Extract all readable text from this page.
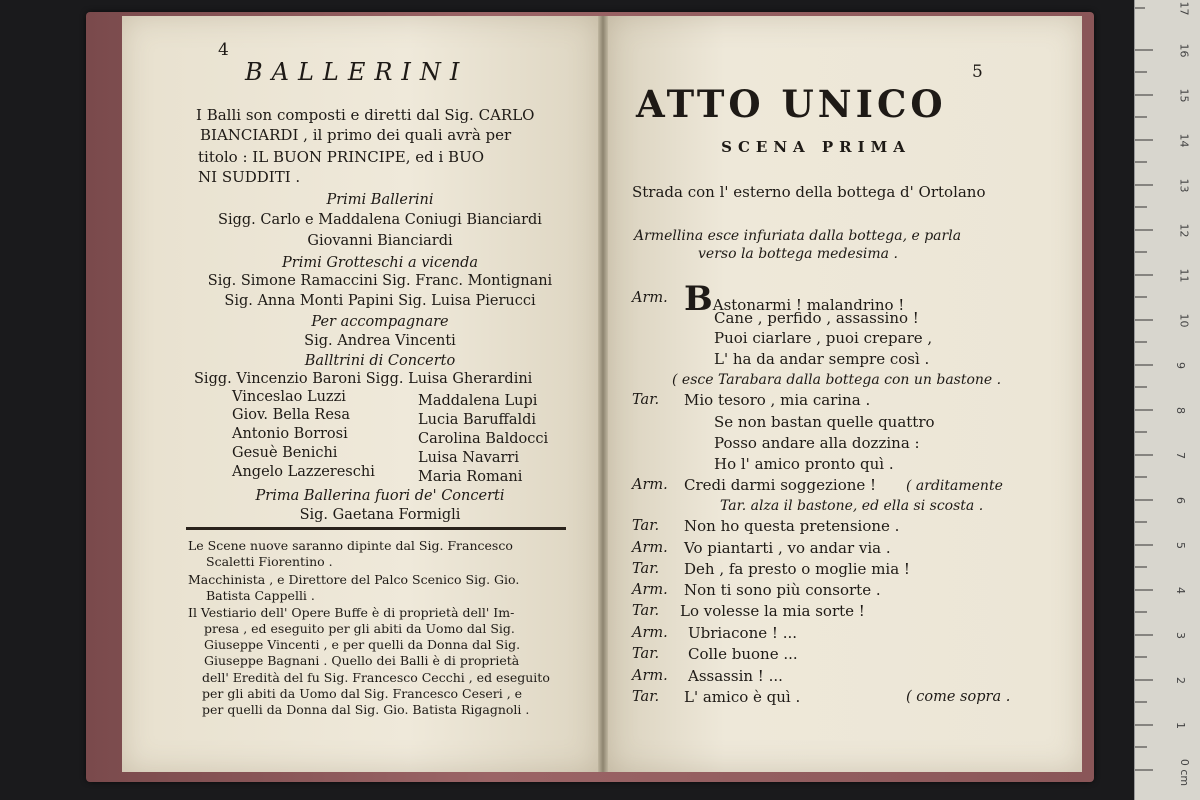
4
BALLERINI
I Balli son composti e diretti dal Sig. CARLO
BIANCIARDI , il primo dei quali avrà per
titolo : IL BUON PRINCIPE, ed i BUO
NI SUDDITI .
Primi Ballerini
Sigg. Carlo e Maddalena Coniugi Bianciardi
Giovanni Bianciardi
Primi Grotteschi a vicenda
Sig. Simone Ramaccini Sig. Franc. Montignani
Sig. Anna Monti Papini Sig. Luisa Pierucci
Per accompagnare
Sig. Andrea Vincenti
Balltrini di Concerto
Sigg. Vincenzio Baroni Sigg. Luisa Gherardini
Vinceslao Luzzi
Giov. Bella Resa
Antonio Borrosi
Gesuè Benichi
Angelo Lazzereschi
Maddalena Lupi
Lucia Baruffaldi
Carolina Baldocci
Luisa Navarri
Maria Romani
Prima Ballerina fuori de' Concerti
Sig. Gaetana Formigli
Le Scene nuove saranno dipinte dal Sig. Francesco
Scaletti Fiorentino .
Macchinista , e Direttore del Palco Scenico Sig. Gio.
Batista Cappelli .
Il Vestiario dell' Opere Buffe è di proprietà dell' Im-
presa , ed eseguito per gli abiti da Uomo dal Sig.
Giuseppe Vincenti , e per quelli da Donna dal Sig.
Giuseppe Bagnani . Quello dei Balli è di proprietà
dell' Eredità del fu Sig. Francesco Cecchi , ed eseguito
per gli abiti da Uomo dal Sig. Francesco Ceseri , e
per quelli da Donna dal Sig. Gio. Batista Rigagnoli .
5
ATTO UNICO
SCENA PRIMA
Strada con l' esterno della bottega d' Ortolano
Armellina esce infuriata dalla bottega, e parla
verso la bottega medesima .
Arm. BAstonarmi ! malandrino !
Cane , perfido , assassino !
Puoi ciarlare , puoi crepare ,
L' ha da andar sempre così .
( esce Tarabara dalla bottega con un bastone .
Tar. Mio tesoro , mia carina .
Se non bastan quelle quattro
Posso andare alla dozzina :
Ho l' amico pronto quì .
Arm. Credi darmi soggezione ! ( arditamente
Tar. alza il bastone, ed ella si scosta .
Tar. Non ho questa pretensione .
Arm. Vo piantarti , vo andar via .
Tar. Deh , fa presto o moglie mia !
Arm. Non ti sono più consorte .
Tar. Lo volesse la mia sorte !
Arm. Ubriacone ! ...
Tar. Colle buone ...
Arm. Assassin ! ...
Tar. L' amico è quì .	( come sopra .
17
16
15
14
13
12
11
10
9
8
7
6
5
4
3
2
1
0 cm
